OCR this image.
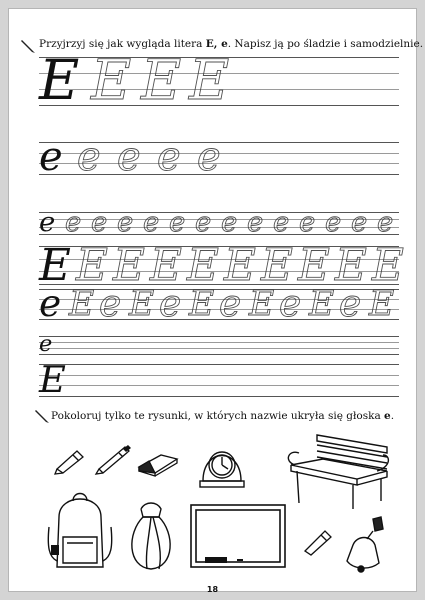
Przyjrzyj się jak wygląda litera E, e. Napisz ją po śladzie i samodzielnie.
E E E E
e e e e e
e e e e e e e e e e e e e e
E E E E E E E E E E
e E e E e E e E e E e E
e
E
Pokoloruj tylko te rysunki, w których nazwie ukryła się głoska e.
18
